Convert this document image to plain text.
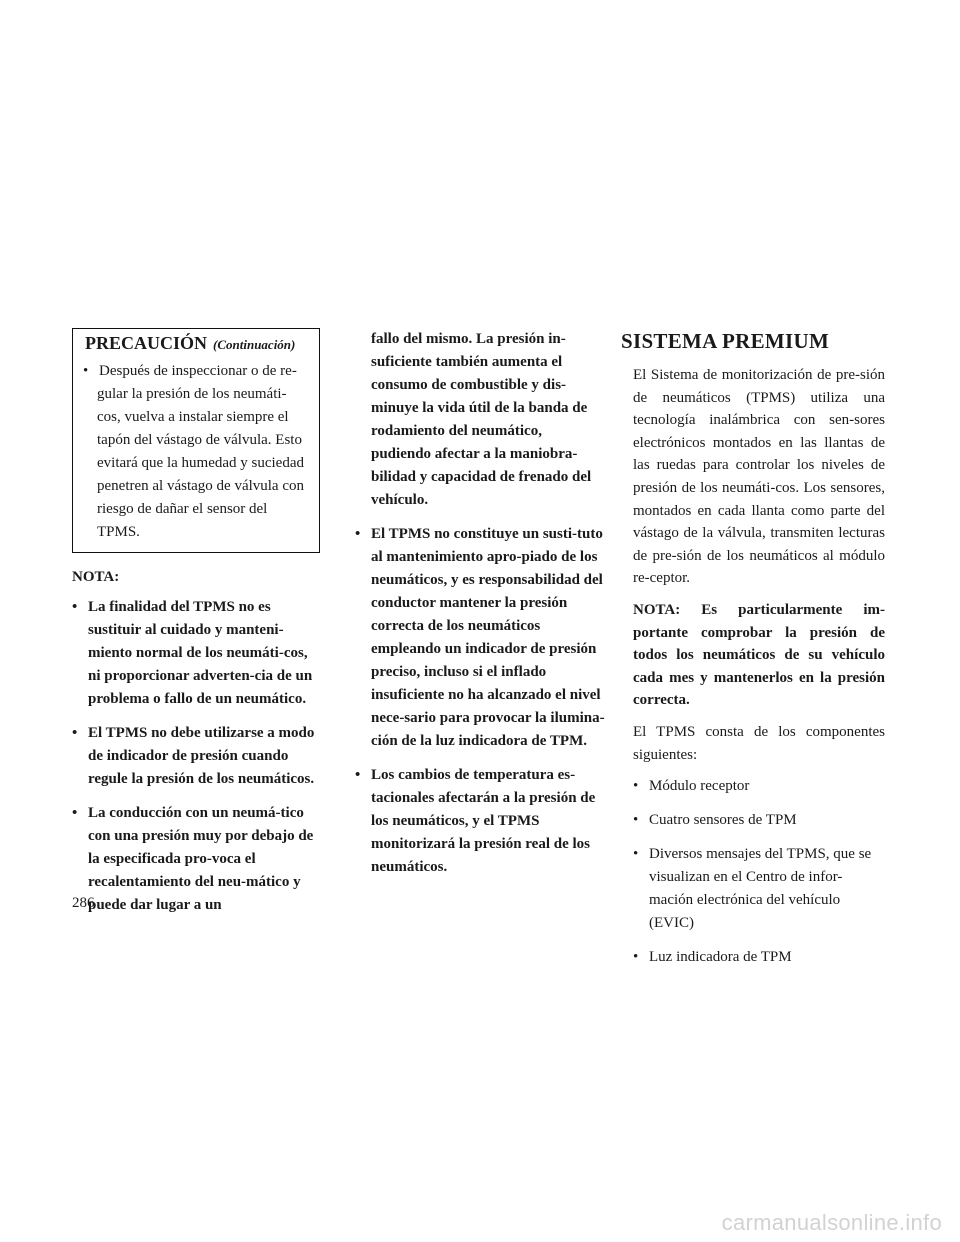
PRECAUCIÓN (Continuación)

• Después de inspeccionar o de re-gular la presión de los neumáti-cos, vuelva a instalar siempre el tapón del vástago de válvula. Esto evitará que la humedad y suciedad penetren al vástago de válvula con riesgo de dañar el sensor del TPMS.

NOTA:
• La finalidad del TPMS no es sustituir al cuidado y manteni-miento normal de los neumáti-cos, ni proporcionar adverten-cia de un problema o fallo de un neumático.
• El TPMS no debe utilizarse a modo de indicador de presión cuando regule la presión de los neumáticos.
• La conducción con un neumá-tico con una presión muy por debajo de la especificada pro-voca el recalentamiento del neu-mático y puede dar lugar a un

fallo del mismo. La presión in-suficiente también aumenta el consumo de combustible y dis-minuye la vida útil de la banda de rodamiento del neumático, pudiendo afectar a la maniobra-bilidad y capacidad de frenado del vehículo.

• El TPMS no constituye un susti-tuto al mantenimiento apro-piado de los neumáticos, y es responsabilidad del conductor mantener la presión correcta de los neumáticos empleando un indicador de presión preciso, incluso si el inflado insuficiente no ha alcanzado el nivel nece-sario para provocar la ilumina-ción de la luz indicadora de TPM.
• Los cambios de temperatura es-tacionales afectarán a la presión de los neumáticos, y el TPMS monitorizará la presión real de los neumáticos.
SISTEMA PREMIUM

El Sistema de monitorización de pre-sión de neumáticos (TPMS) utiliza una tecnología inalámbrica con sen-sores electrónicos montados en las llantas de las ruedas para controlar los niveles de presión de los neumáti-cos. Los sensores, montados en cada llanta como parte del vástago de la válvula, transmiten lecturas de pre-sión de los neumáticos al módulo re-ceptor.

NOTA: Es particularmente im-portante comprobar la presión de todos los neumáticos de su vehículo cada mes y mantenerlos en la presión correcta.

El TPMS consta de los componentes siguientes:

• Módulo receptor
• Cuatro sensores de TPM
• Diversos mensajes del TPMS, que se visualizan en el Centro de infor-mación electrónica del vehículo (EVIC)
• Luz indicadora de TPM
286
carmanualsonline.info
